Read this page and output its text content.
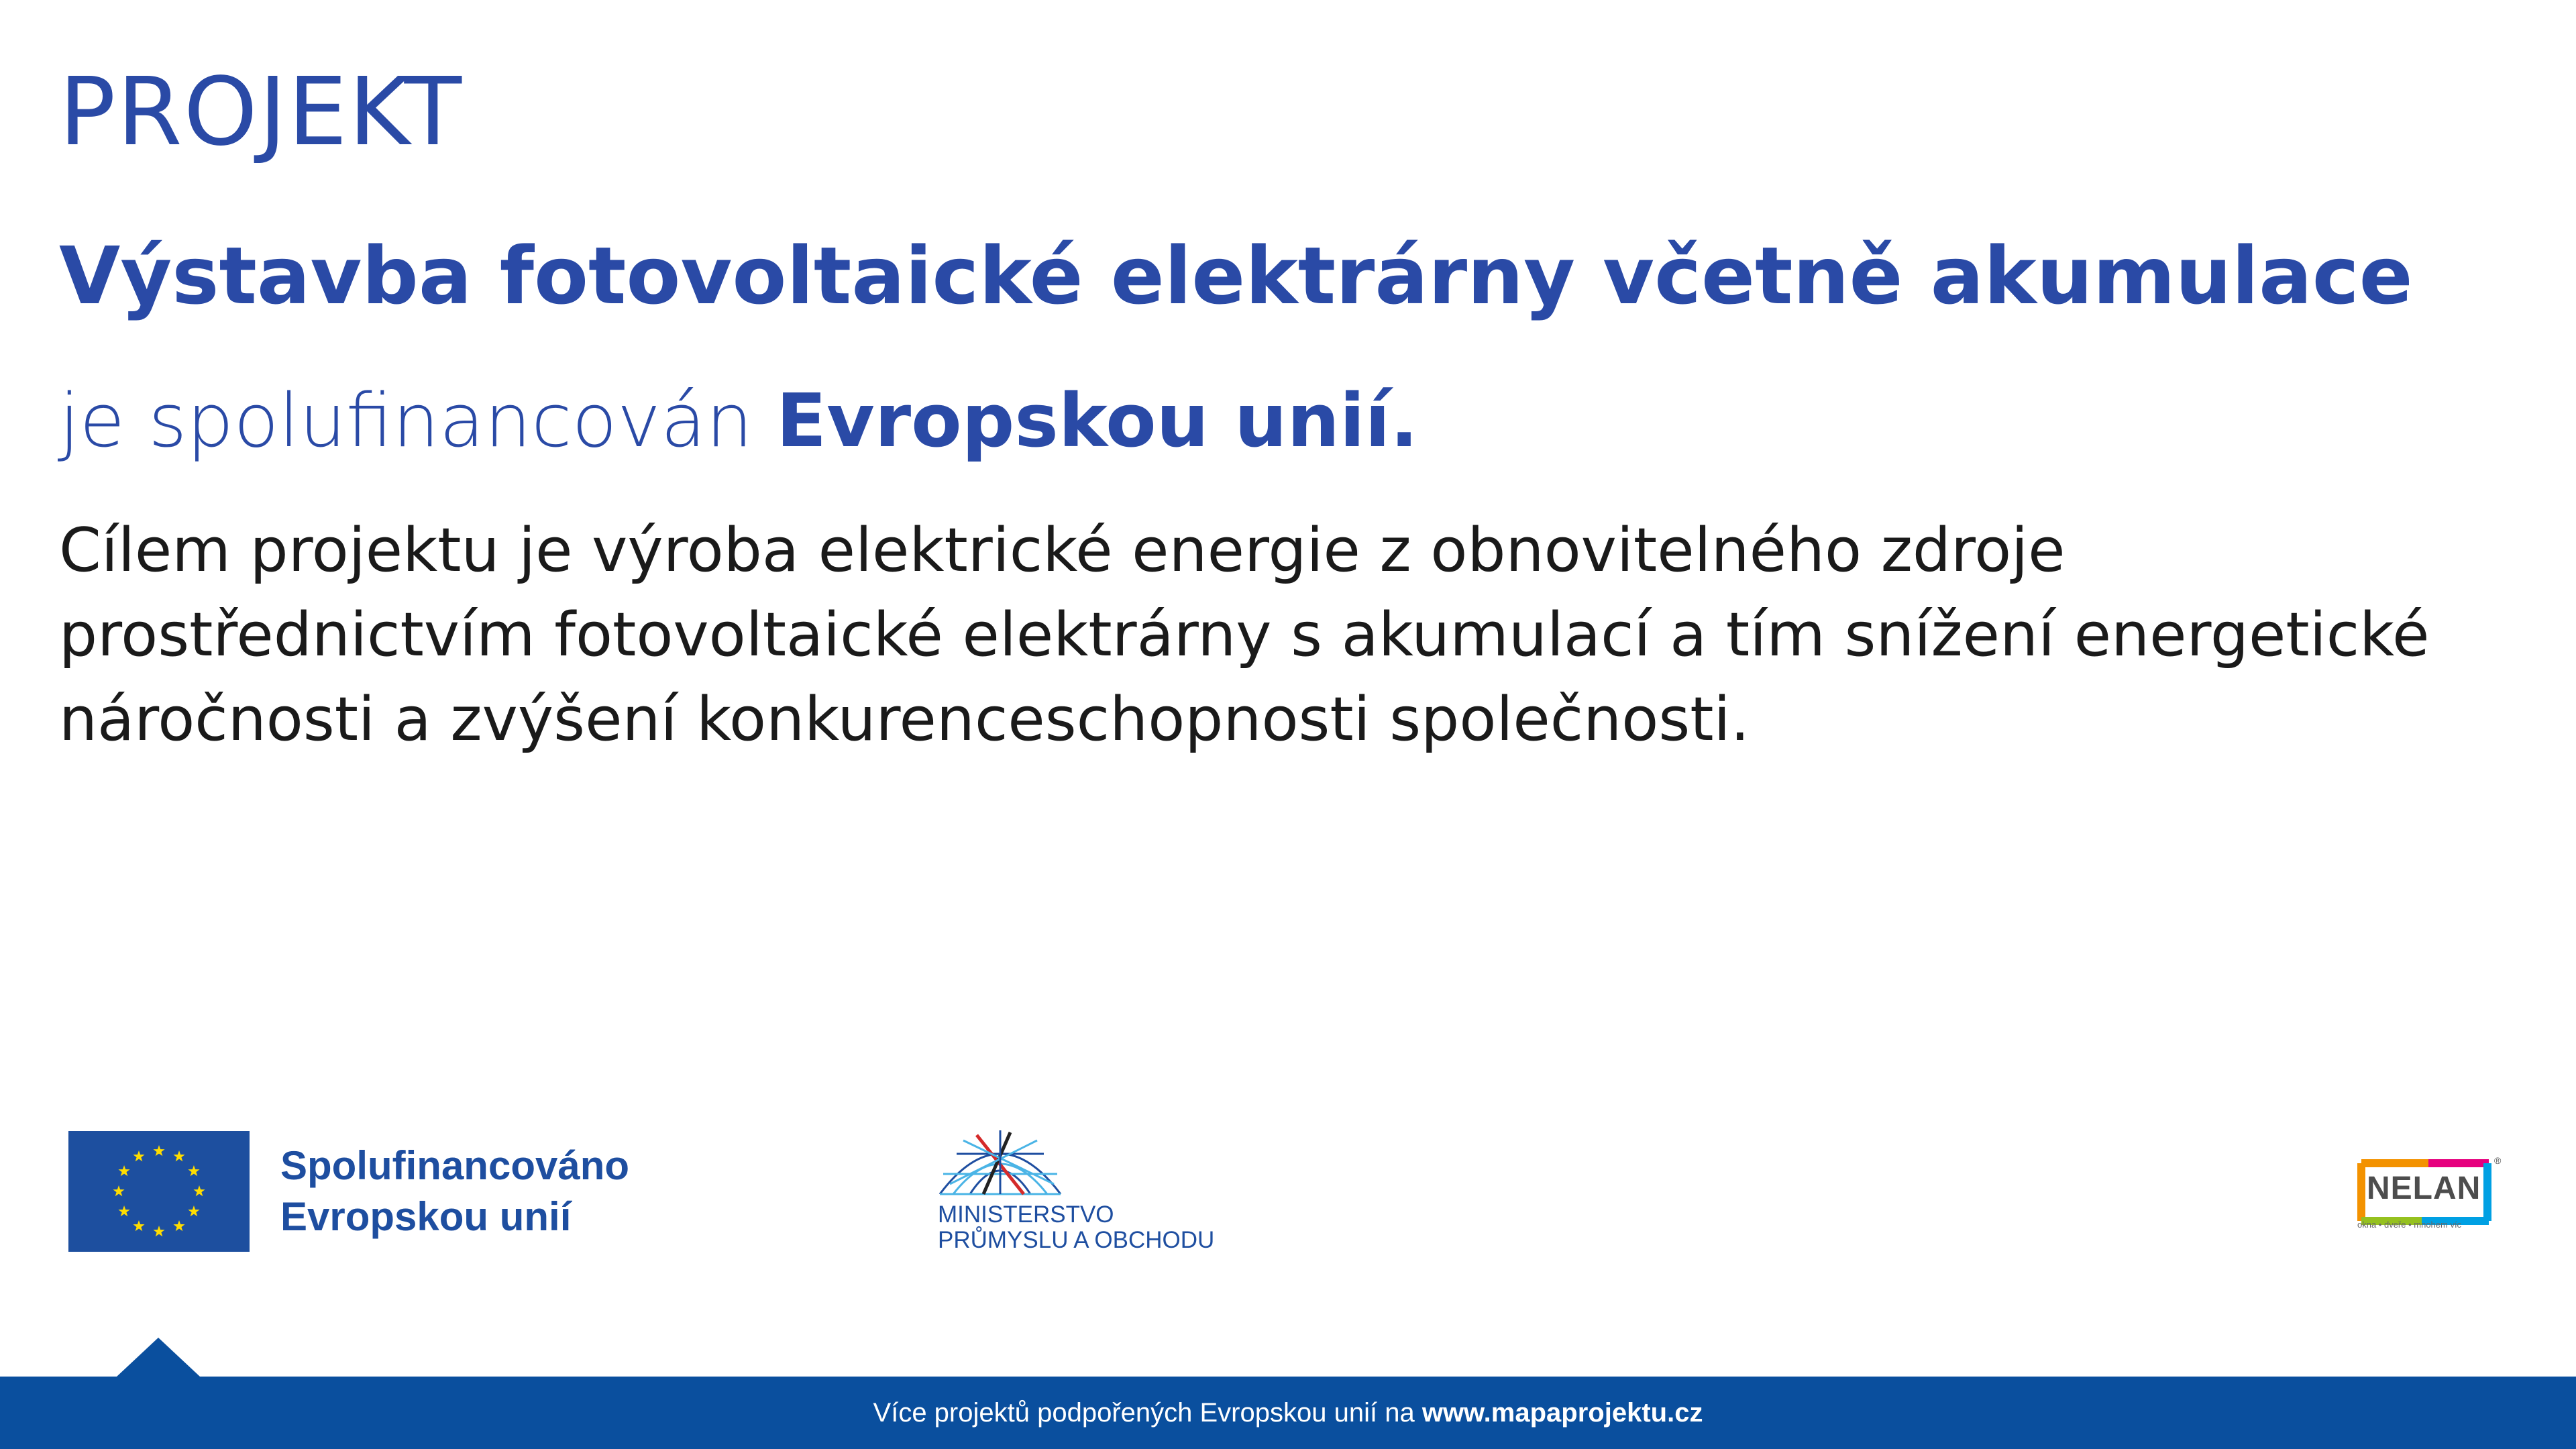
PROJEKT
Výstavba fotovoltaické elektrárny včetně akumulace
je spolufinancován Evropskou unií.
Cílem projektu je výroba elektrické energie z obnovitelného zdroje prostřednictvím fotovoltaické elektrárny s akumulací a tím snížení energetické náročnosti a zvýšení konkurenceschopnosti společnosti.
Spolufinancováno
Evropskou unií	MINISTERSTVO
PRŮMYSLU A OBCHODU
NELAN
®
okna • dveře • mnohem víc
Více projektů podpořených Evropskou unií na www.mapaprojektu.cz
